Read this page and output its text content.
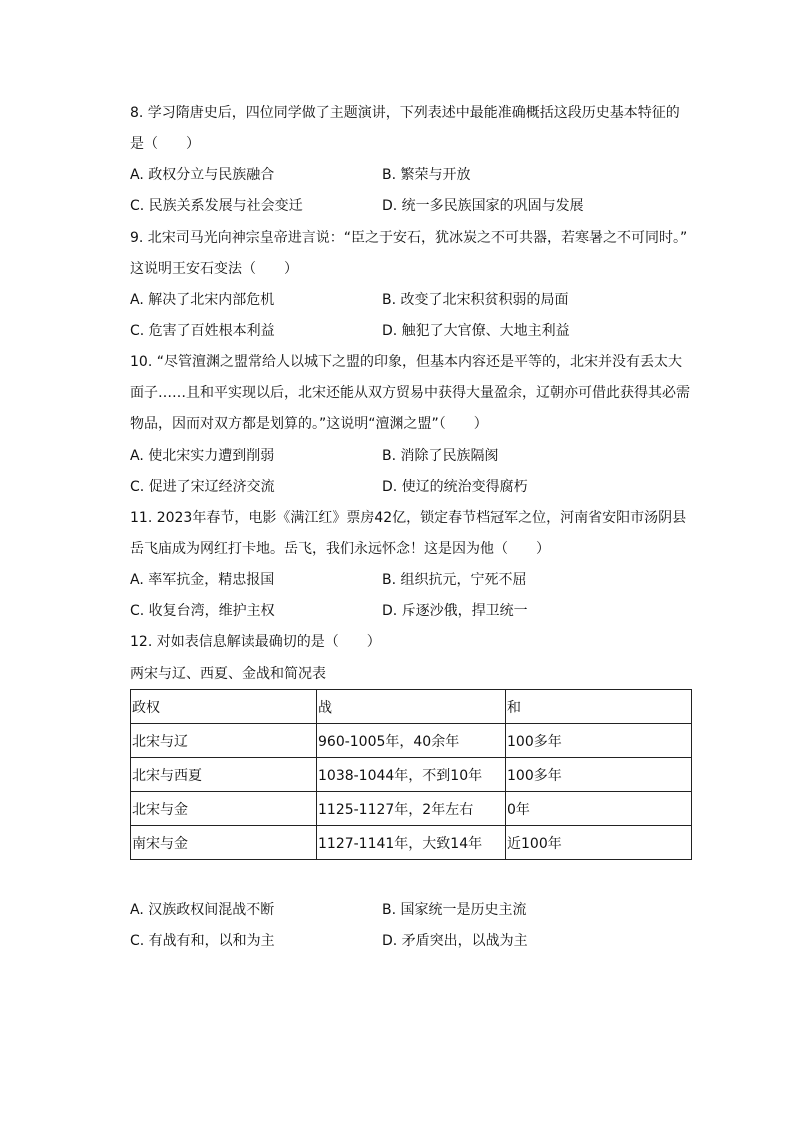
8. 学习隋唐史后，四位同学做了主题演讲，下列表述中最能准确概括这段历史基本特征的
是（　　）
A. 政权分立与民族融合	B. 繁荣与开放
C. 民族关系发展与社会变迁	D. 统一多民族国家的巩固与发展
9. 北宋司马光向神宗皇帝进言说：“臣之于安石，犹冰炭之不可共器，若寒暑之不可同时。”
这说明王安石变法（　　）
A. 解决了北宋内部危机	B. 改变了北宋积贫积弱的局面
C. 危害了百姓根本利益	D. 触犯了大官僚、大地主利益
10. “尽管澶渊之盟常给人以城下之盟的印象，但基本内容还是平等的，北宋并没有丢太大
面子……且和平实现以后，北宋还能从双方贸易中获得大量盈余，辽朝亦可借此获得其必需
物品，因而对双方都是划算的。”这说明“澶渊之盟”（　　）
A. 使北宋实力遭到削弱	B. 消除了民族隔阂
C. 促进了宋辽经济交流	D. 使辽的统治变得腐朽
11. 2023年春节，电影《满江红》票房42亿，锁定春节档冠军之位，河南省安阳市汤阴县
岳飞庙成为网红打卡地。岳飞，我们永远怀念！这是因为他（　　）
A. 率军抗金，精忠报国	B. 组织抗元，宁死不屈
C. 收复台湾，维护主权	D. 斥逐沙俄，捍卫统一
12. 对如表信息解读最确切的是（　　）
两宋与辽、西夏、金战和简况表
政权	战	和
北宋与辽	960-1005年，40余年	100多年
北宋与西夏	1038-1044年，不到10年	100多年
北宋与金	1125-1127年，2年左右	0年
南宋与金	1127-1141年，大致14年	近100年
A. 汉族政权间混战不断	B. 国家统一是历史主流
C. 有战有和，以和为主	D. 矛盾突出，以战为主
